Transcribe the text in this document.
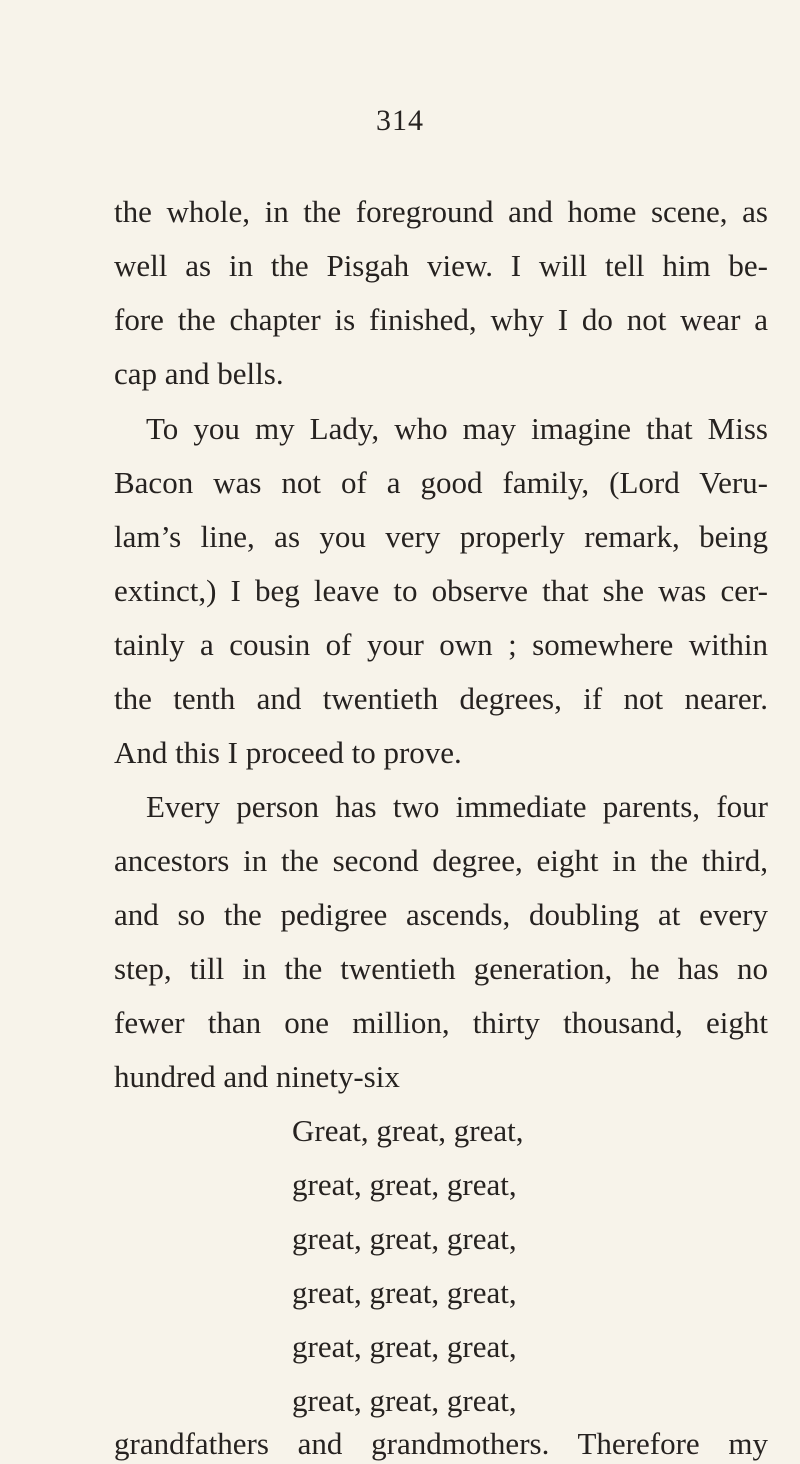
314
the whole, in the foreground and home scene, as
well as in the Pisgah view. I will tell him be-
fore the chapter is finished, why I do not wear a
cap and bells.
To you my Lady, who may imagine that Miss
Bacon was not of a good family, (Lord Veru-
lam’s line, as you very properly remark, being
extinct,) I beg leave to observe that she was cer-
tainly a cousin of your own ; somewhere within
the tenth and twentieth degrees, if not nearer.
And this I proceed to prove.
Every person has two immediate parents, four
ancestors in the second degree, eight in the third,
and so the pedigree ascends, doubling at every
step, till in the twentieth generation, he has no
fewer than one million, thirty thousand, eight
hundred and ninety-six
Great, great, great,
great, great, great,
great, great, great,
great, great, great,
great, great, great,
great, great, great,
grandfathers and grandmothers. Therefore my
